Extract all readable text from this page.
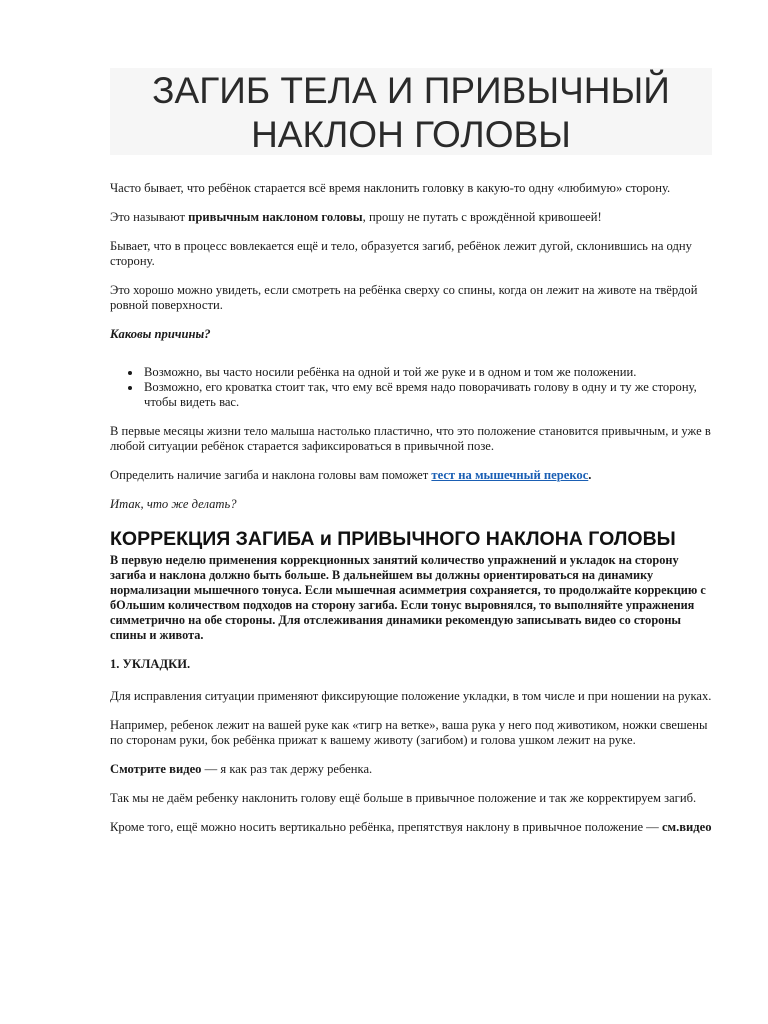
ЗАГИБ ТЕЛА И ПРИВЫЧНЫЙ
НАКЛОН ГОЛОВЫ

Часто бывает, что ребёнок старается всё время наклонить головку в какую-то одну «любимую» сторону.

Это называют привычным наклоном головы, прошу не путать с врождённой кривошеей!

Бывает, что в процесс вовлекается ещё и тело, образуется загиб, ребёнок лежит дугой, склонившись на одну сторону.

Это хорошо можно увидеть, если смотреть на ребёнка сверху со спины, когда он лежит на животе на твёрдой ровной поверхности.

Каковы причины?

• Возможно, вы часто носили ребёнка на одной и той же руке и в одном и том же положении.
• Возможно, его кроватка стоит так, что ему всё время надо поворачивать голову в одну и ту же сторону, чтобы видеть вас.

В первые месяцы жизни тело малыша настолько пластично, что это положение становится привычным, и уже в любой ситуации ребёнок старается зафиксироваться в привычной позе.

Определить наличие загиба и наклона головы вам поможет тест на мышечный перекос.

Итак, что же делать?

КОРРЕКЦИЯ ЗАГИБА и ПРИВЫЧНОГО НАКЛОНА ГОЛОВЫ

В первую неделю применения коррекционных занятий количество упражнений и укладок на сторону загиба и наклона должно быть больше. В дальнейшем вы должны ориентироваться на динамику нормализации мышечного тонуса. Если мышечная асимметрия сохраняется, то продолжайте коррекцию с бОльшим количеством подходов на сторону загиба. Если тонус выровнялся, то выполняйте упражнения симметрично на обе стороны. Для отслеживания динамики рекомендую записывать видео со стороны спины и живота.

1. УКЛАДКИ.

Для исправления ситуации применяют фиксирующие положение укладки, в том числе и при ношении на руках.

Например, ребенок лежит на вашей руке как «тигр на ветке», ваша рука у него под животиком, ножки свешены по сторонам руки, бок ребёнка прижат к вашему животу (загибом) и голова ушком лежит на руке.

Смотрите видео — я как раз так держу ребенка.

Так мы не даём ребенку наклонить голову ещё больше в привычное положение и так же корректируем загиб.

Кроме того, ещё можно носить вертикально ребёнка, препятствуя наклону в привычное положение — см.видео
